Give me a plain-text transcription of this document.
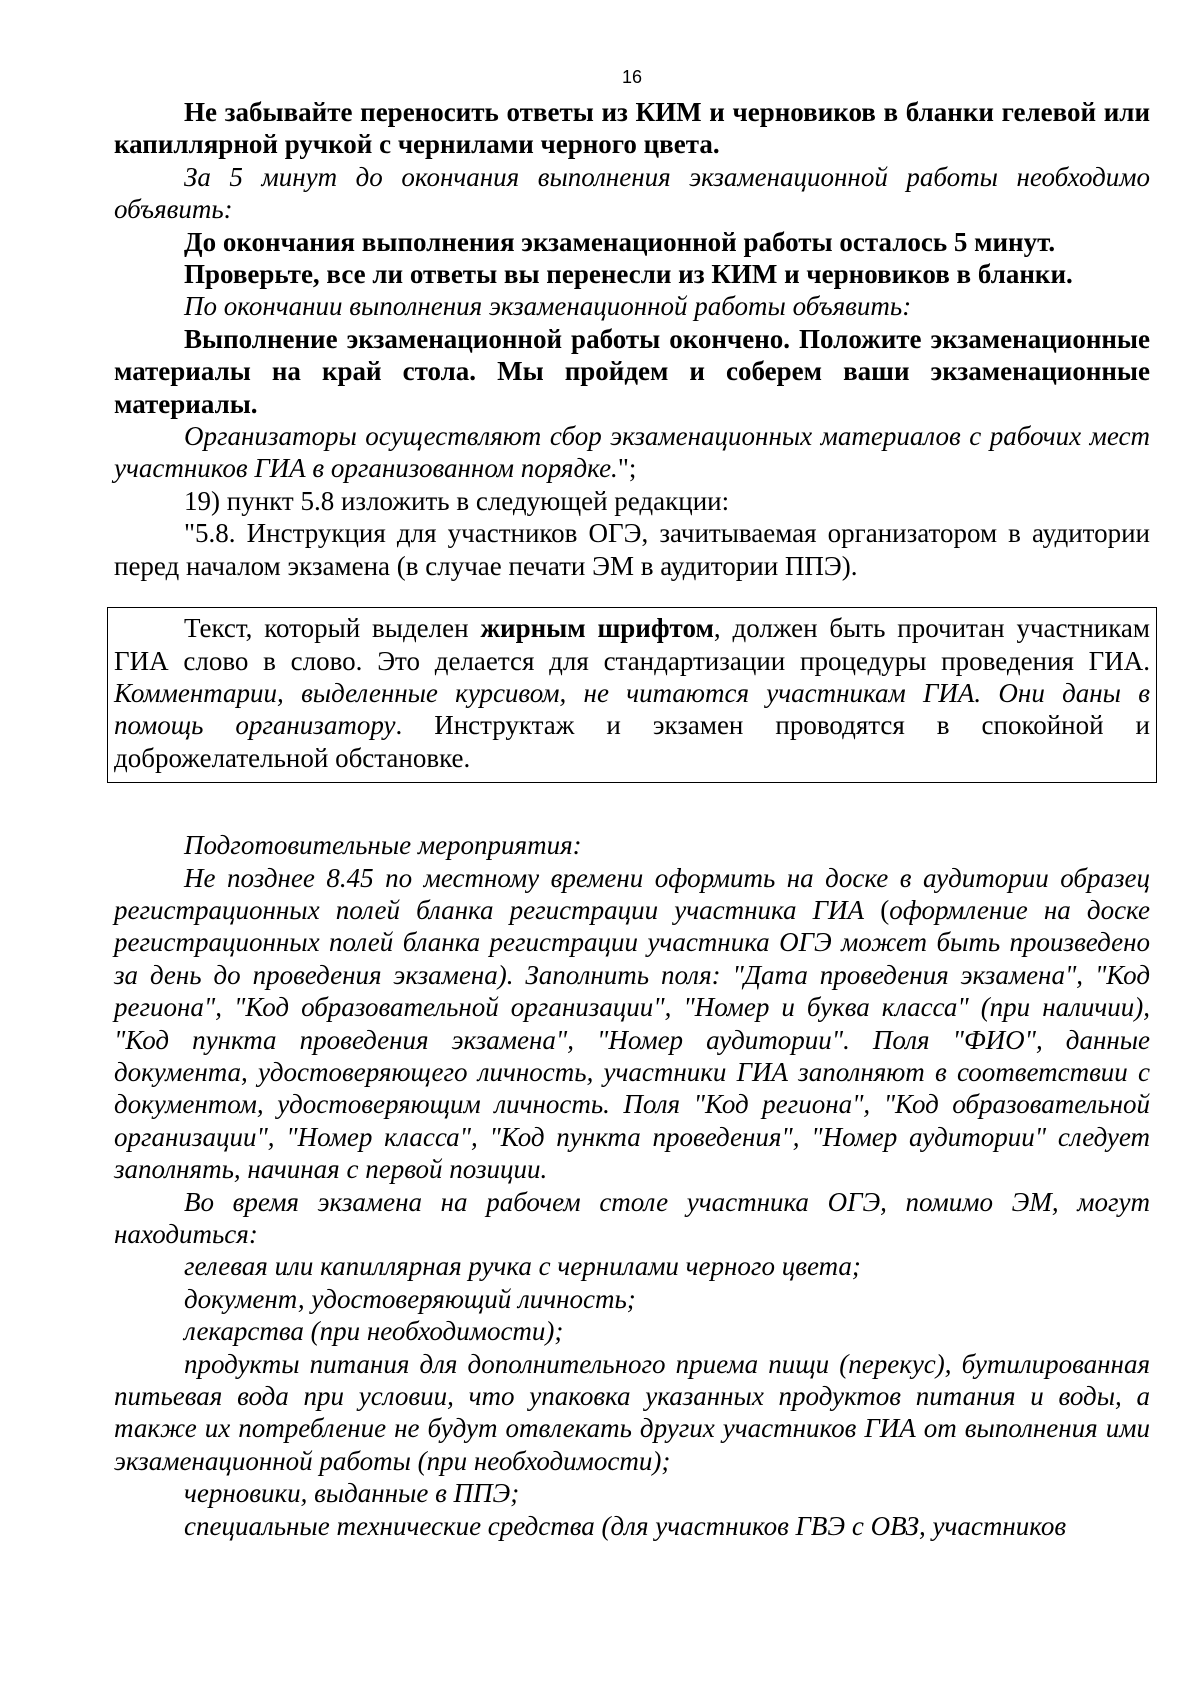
16

Не забывайте переносить ответы из КИМ и черновиков в бланки гелевой или капиллярной ручкой с чернилами черного цвета.

За 5 минут до окончания выполнения экзаменационной работы необходимо объявить:

До окончания выполнения экзаменационной работы осталось 5 минут.

Проверьте, все ли ответы вы перенесли из КИМ и черновиков в бланки.

По окончании выполнения экзаменационной работы объявить:

Выполнение экзаменационной работы окончено. Положите экзаменационные материалы на край стола. Мы пройдем и соберем ваши экзаменационные материалы.

Организаторы осуществляют сбор экзаменационных материалов с рабочих мест участников ГИА в организованном порядке.";

19) пункт 5.8 изложить в следующей редакции:

"5.8. Инструкция для участников ОГЭ, зачитываемая организатором в аудитории перед началом экзамена (в случае печати ЭМ в аудитории ППЭ).

Текст, который выделен жирным шрифтом, должен быть прочитан участникам ГИА слово в слово. Это делается для стандартизации процедуры проведения ГИА. Комментарии, выделенные курсивом, не читаются участникам ГИА. Они даны в помощь организатору. Инструктаж и экзамен проводятся в спокойной и доброжелательной обстановке.

Подготовительные мероприятия:

Не позднее 8.45 по местному времени оформить на доске в аудитории образец регистрационных полей бланка регистрации участника ГИА (оформление на доске регистрационных полей бланка регистрации участника ОГЭ может быть произведено за день до проведения экзамена). Заполнить поля: "Дата проведения экзамена", "Код региона", "Код образовательной организации", "Номер и буква класса" (при наличии), "Код пункта проведения экзамена", "Номер аудитории". Поля "ФИО", данные документа, удостоверяющего личность, участники ГИА заполняют в соответствии с документом, удостоверяющим личность. Поля "Код региона", "Код образовательной организации", "Номер класса", "Код пункта проведения", "Номер аудитории" следует заполнять, начиная с первой позиции.

Во время экзамена на рабочем столе участника ОГЭ, помимо ЭМ, могут находиться:

гелевая или капиллярная ручка с чернилами черного цвета;

документ, удостоверяющий личность;

лекарства (при необходимости);

продукты питания для дополнительного приема пищи (перекус), бутилированная питьевая вода при условии, что упаковка указанных продуктов питания и воды, а также их потребление не будут отвлекать других участников ГИА от выполнения ими экзаменационной работы (при необходимости);

черновики, выданные в ППЭ;

специальные технические средства (для участников ГВЭ с ОВЗ, участников
